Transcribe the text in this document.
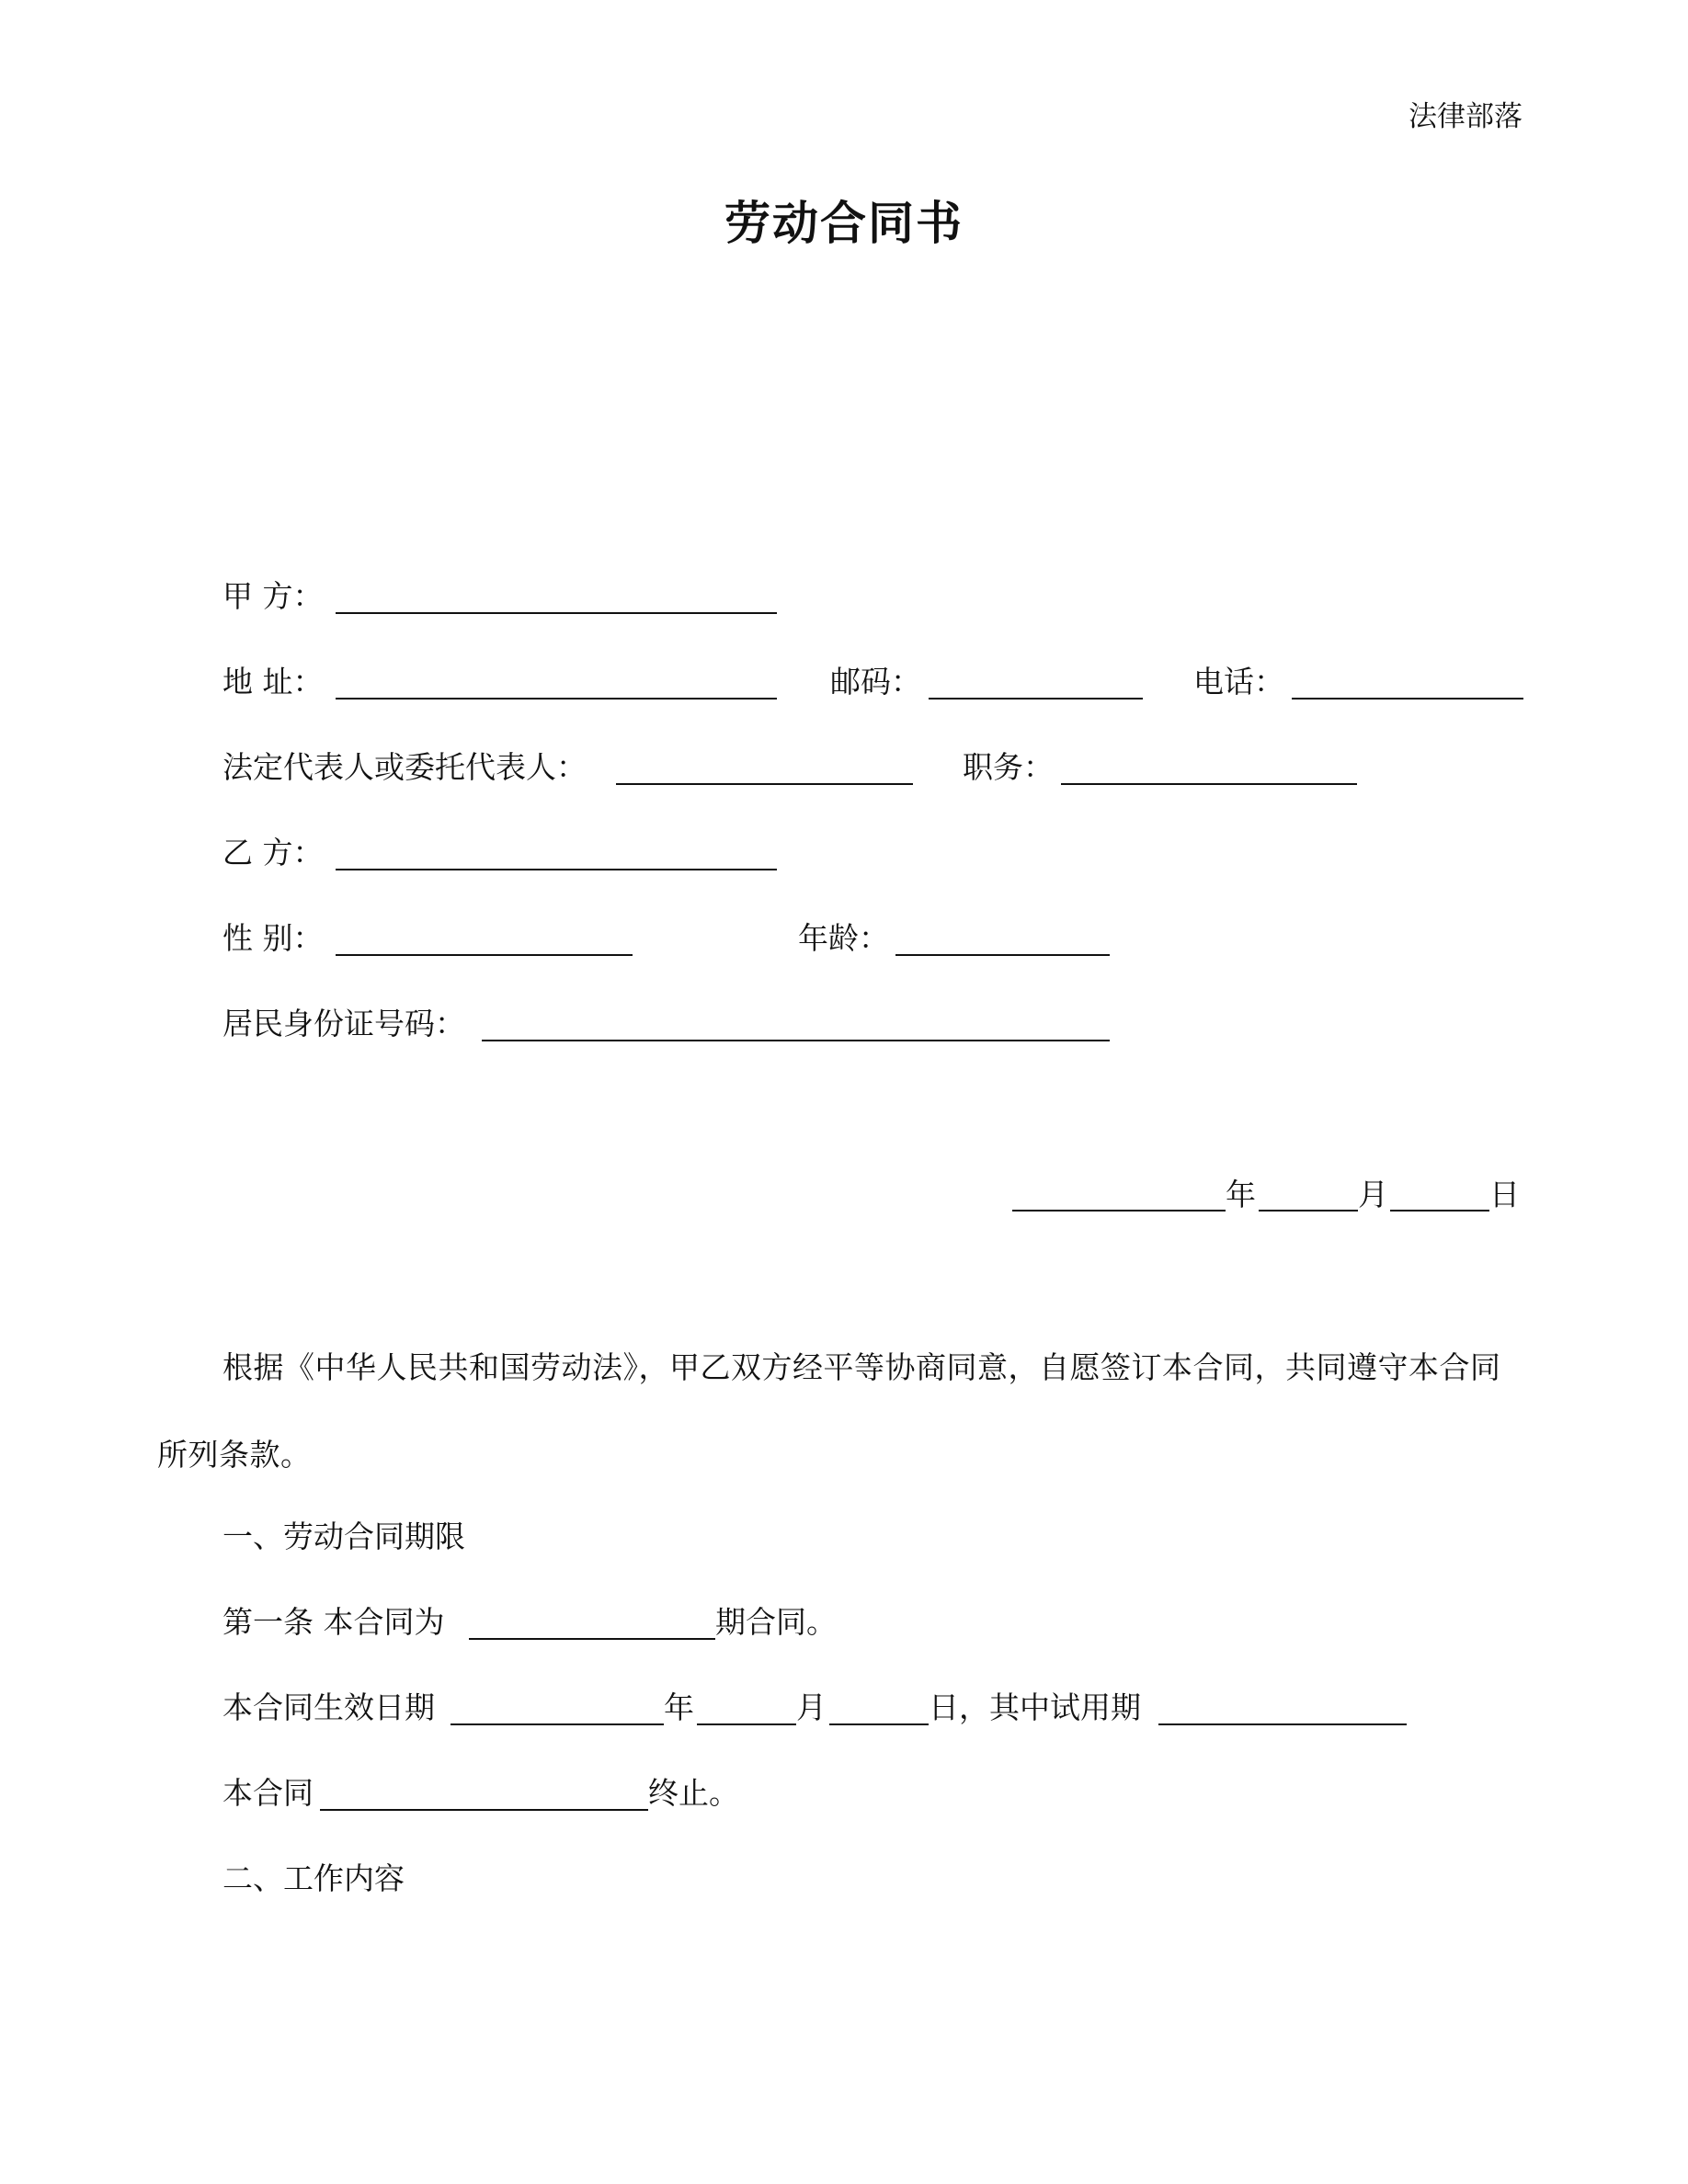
法律部落
劳动合同书
甲 方：
地 址：	邮码：	电话：
法定代表人或委托代表人：	职务：
乙 方：
性 别：	年龄：
居民身份证号码：
年	月	日
根据《中华人民共和国劳动法》，甲乙双方经平等协商同意，自愿签订本合同，共同遵守本合同所列条款。
一、劳动合同期限
第一条 本合同为	期合同。
本合同生效日期	年	月	日，其中试用期
本合同	终止。
二、工作内容
